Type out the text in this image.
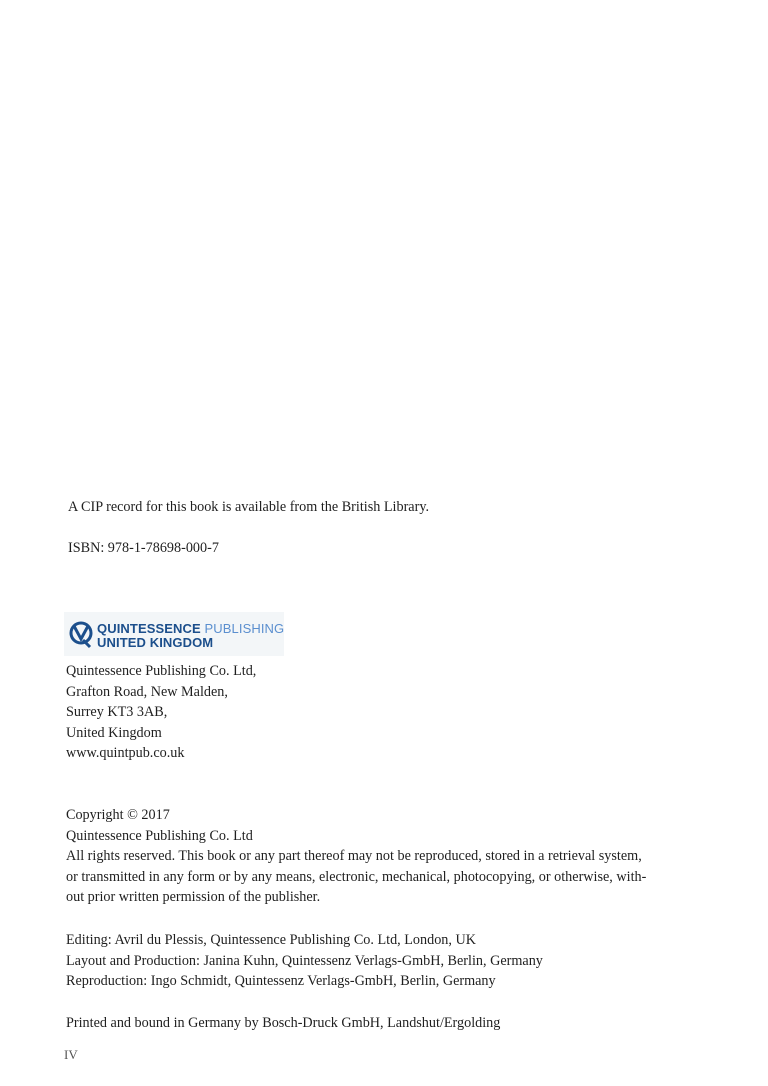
A CIP record for this book is available from the British Library.
ISBN: 978-1-78698-000-7
QUINTESSENCE PUBLISHING
UNITED KINGDOM
Quintessence Publishing Co. Ltd,
Grafton Road, New Malden,
Surrey KT3 3AB,
United Kingdom
www.quintpub.co.uk
Copyright © 2017
Quintessence Publishing Co. Ltd
All rights reserved. This book or any part thereof may not be reproduced, stored in a retrieval system,
or transmitted in any form or by any means, electronic, mechanical, photocopying, or otherwise, with-
out prior written permission of the publisher.
Editing: Avril du Plessis, Quintessence Publishing Co. Ltd, London, UK
Layout and Production: Janina Kuhn, Quintessenz Verlags-GmbH, Berlin, Germany
Reproduction: Ingo Schmidt, Quintessenz Verlags-GmbH, Berlin, Germany
Printed and bound in Germany by Bosch-Druck GmbH, Landshut/Ergolding
IV
